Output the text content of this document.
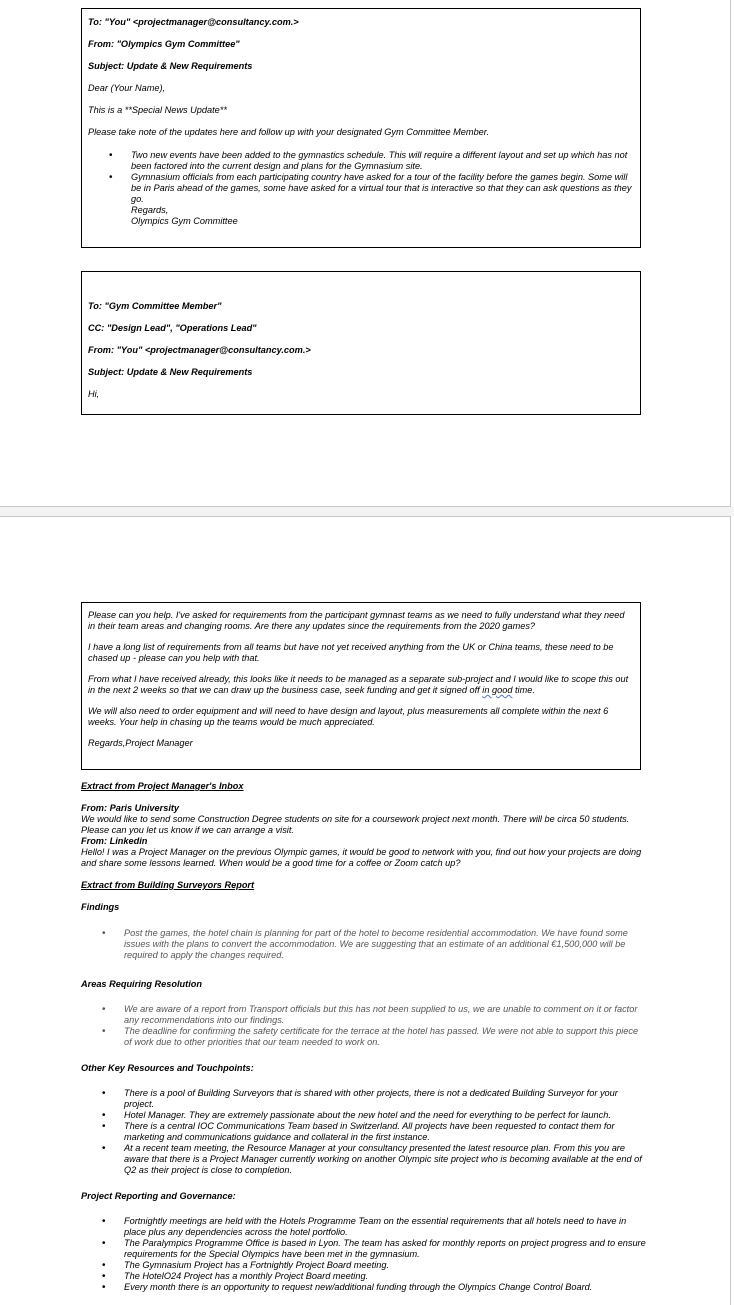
To: "You" <projectmanager@consultancy.com.>

From: "Olympics Gym Committee"

Subject: Update & New Requirements

Dear (Your Name),

This is a **Special News Update**

Please take note of the updates here and follow up with your designated Gym Committee Member.

• Two new events have been added to the gymnastics schedule. This will require a different layout and set up which has not been factored into the current design and plans for the Gymnasium site.
• Gymnasium officials from each participating country have asked for a tour of the facility before the games begin. Some will be in Paris ahead of the games, some have asked for a virtual tour that is interactive so that they can ask questions as they go.
Regards,
Olympics Gym Committee

To: "Gym Committee Member"

CC: "Design Lead", "Operations Lead"

From: "You" <projectmanager@consultancy.com.>

Subject: Update & New Requirements

Hi,

Please can you help. I've asked for requirements from the participant gymnast teams as we need to fully understand what they need in their team areas and changing rooms. Are there any updates since the requirements from the 2020 games?

I have a long list of requirements from all teams but have not yet received anything from the UK or China teams, these need to be chased up - please can you help with that.

From what I have received already, this looks like it needs to be managed as a separate sub-project and I would like to scope this out in the next 2 weeks so that we can draw up the business case, seek funding and get it signed off in good time.

We will also need to order equipment and will need to have design and layout, plus measurements all complete within the next 6 weeks. Your help in chasing up the teams would be much appreciated.

Regards,Project Manager

Extract from Project Manager's Inbox

From: Paris University

We would like to send some Construction Degree students on site for a coursework project next month. There will be circa 50 students. Please can you let us know if we can arrange a visit.

From: Linkedin

Hello! I was a Project Manager on the previous Olympic games, it would be good to network with you, find out how your projects are doing and share some lessons learned. When would be a good time for a coffee or Zoom catch up?

Extract from Building Surveyors Report

Findings

• Post the games, the hotel chain is planning for part of the hotel to become residential accommodation. We have found some issues with the plans to convert the accommodation. We are suggesting that an estimate of an additional €1,500,000 will be required to apply the changes required.

Areas Requiring Resolution

• We are aware of a report from Transport officials but this has not been supplied to us, we are unable to comment on it or factor any recommendations into our findings.
• The deadline for confirming the safety certificate for the terrace at the hotel has passed. We were not able to support this piece of work due to other priorities that our team needed to work on.

Other Key Resources and Touchpoints:

• There is a pool of Building Surveyors that is shared with other projects, there is not a dedicated Building Surveyor for your project.
• Hotel Manager. They are extremely passionate about the new hotel and the need for everything to be perfect for launch.
• There is a central IOC Communications Team based in Switzerland. All projects have been requested to contact them for marketing and communications guidance and collateral in the first instance.
• At a recent team meeting, the Resource Manager at your consultancy presented the latest resource plan. From this you are aware that there is a Project Manager currently working on another Olympic site project who is becoming available at the end of Q2 as their project is close to completion.

Project Reporting and Governance:

• Fortnightly meetings are held with the Hotels Programme Team on the essential requirements that all hotels need to have in place plus any dependencies across the hotel portfolio.
• The Paralympics Programme Office is based in Lyon. The team has asked for monthly reports on project progress and to ensure requirements for the Special Olympics have been met in the gymnasium.
• The Gymnasium Project has a Fortnightly Project Board meeting.
• The HotelO24 Project has a monthly Project Board meeting.
• Every month there is an opportunity to request new/additional funding through the Olympics Change Control Board.
